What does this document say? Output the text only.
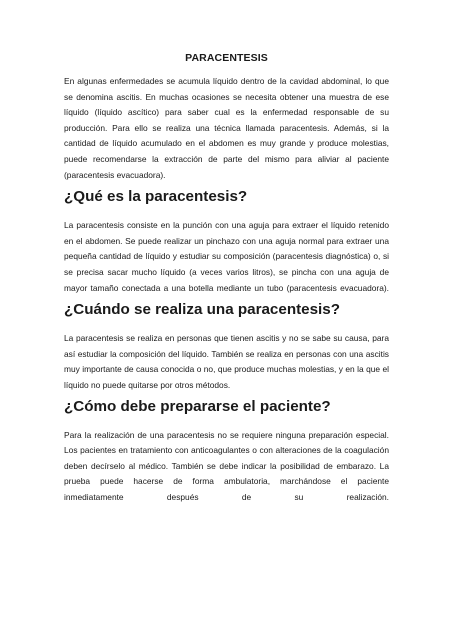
PARACENTESIS

En algunas enfermedades se acumula líquido dentro de la cavidad abdominal, lo que se denomina ascitis. En muchas ocasiones se necesita obtener una muestra de ese líquido (líquido ascítico) para saber cual es la enfermedad responsable de su producción. Para ello se realiza una técnica llamada paracentesis. Además, si la cantidad de líquido acumulado en el abdomen es muy grande y produce molestias, puede recomendarse la extracción de parte del mismo para aliviar al paciente (paracentesis evacuadora).

¿Qué es la paracentesis?

La paracentesis consiste en la punción con una aguja para extraer el líquido retenido en el abdomen. Se puede realizar un pinchazo con una aguja normal para extraer una pequeña cantidad de líquido y estudiar su composición (paracentesis diagnóstica) o, si se precisa sacar mucho líquido (a veces varios litros), se pincha con una aguja de mayor tamaño conectada a una botella mediante un tubo (paracentesis evacuadora).

¿Cuándo se realiza una paracentesis?

La paracentesis se realiza en personas que tienen ascitis y no se sabe su causa, para así estudiar la composición del líquido. También se realiza en personas con una ascitis muy importante de causa conocida o no, que produce muchas molestias, y en la que el líquido no puede quitarse por otros métodos.

¿Cómo debe prepararse el paciente?

Para la realización de una paracentesis no se requiere ninguna preparación especial. Los pacientes en tratamiento con anticoagulantes o con alteraciones de la coagulación deben decírselo al médico. También se debe indicar la posibilidad de embarazo. La prueba puede hacerse de forma ambulatoria, marchándose el paciente inmediatamente después de su realización.
